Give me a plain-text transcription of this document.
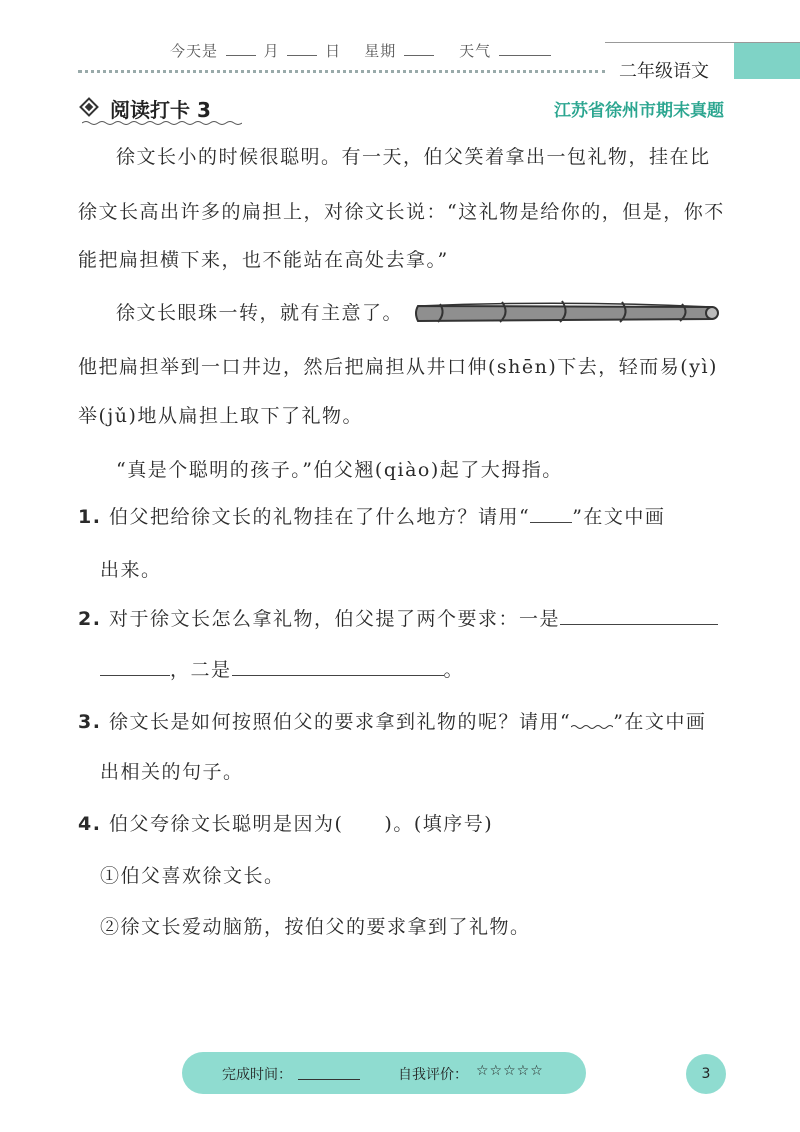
今天是	月	日 星期	天气
二年级语文
阅读打卡 3	江苏省徐州市期末真题
徐文长小的时候很聪明。有一天，伯父笑着拿出一包礼物，挂在比
徐文长高出许多的扁担上，对徐文长说：“这礼物是给你的，但是，你不
能把扁担横下来，也不能站在高处去拿。”
徐文长眼珠一转，就有主意了。
他把扁担举到一口井边，然后把扁担从井口伸(shēn)下去，轻而易(yì)
举(jǔ)地从扁担上取下了礼物。
“真是个聪明的孩子。”伯父翘(qiào)起了大拇指。
1. 伯父把给徐文长的礼物挂在了什么地方？请用“ ”在文中画
出来。
2. 对于徐文长怎么拿礼物，伯父提了两个要求：一是
，二是	。
3. 徐文长是如何按照伯父的要求拿到礼物的呢？请用“ ”在文中画
出相关的句子。
4. 伯父夸徐文长聪明是因为(　　)。(填序号)
①伯父喜欢徐文长。
②徐文长爱动脑筋，按伯父的要求拿到了礼物。
完成时间：	自我评价： ☆☆☆☆☆	3
